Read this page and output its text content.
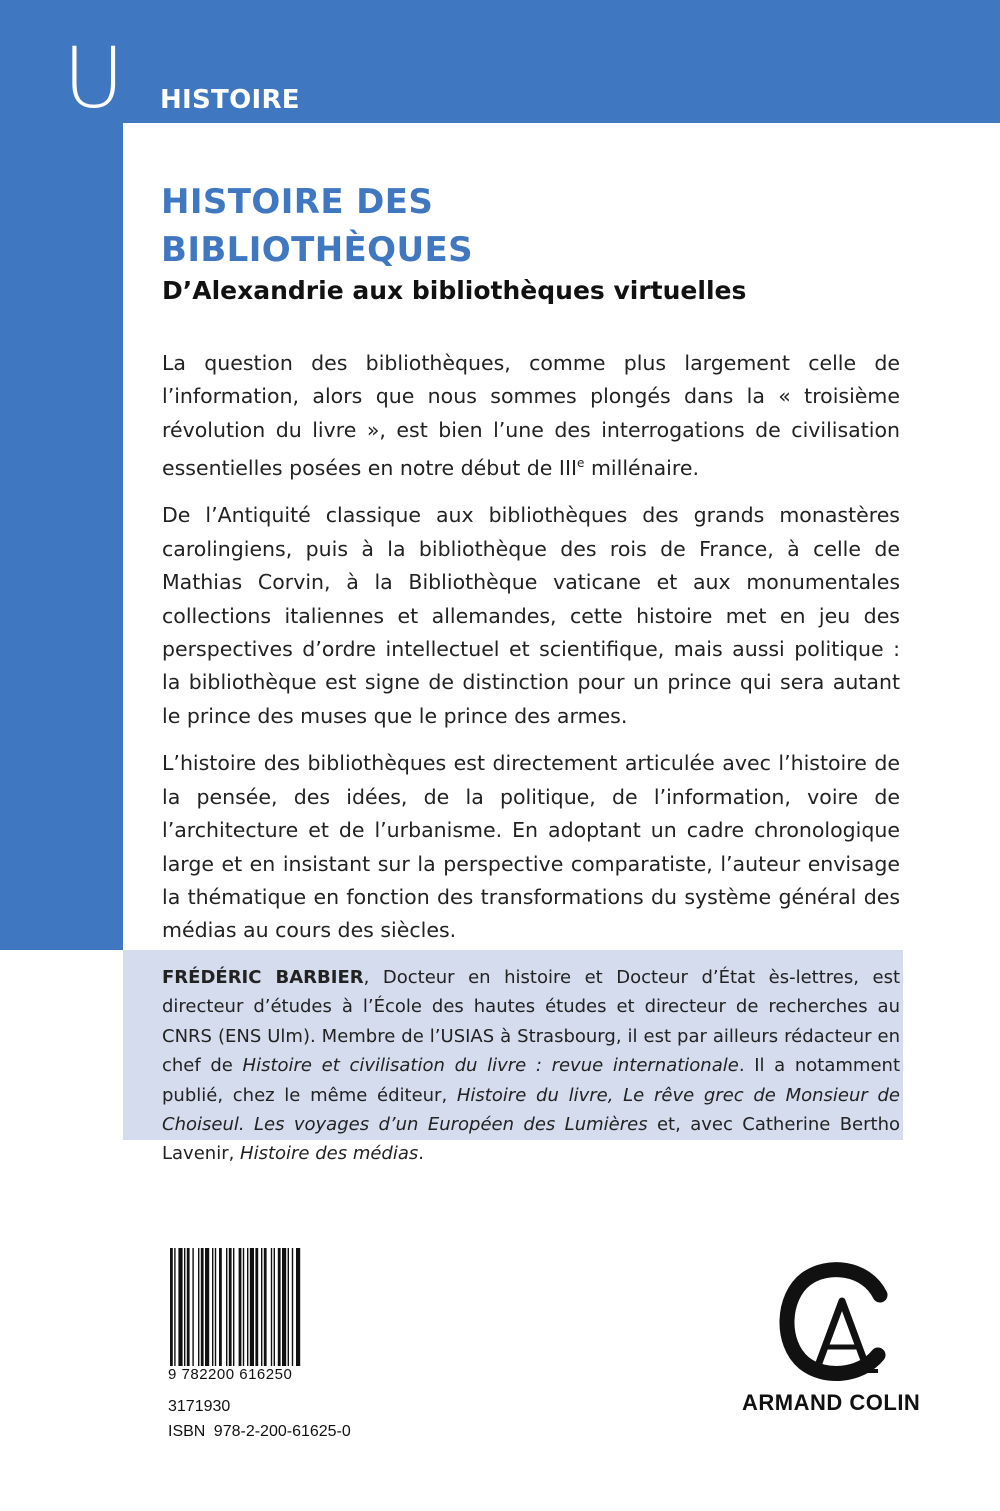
U HISTOIRE
HISTOIRE DES
BIBLIOTHÈQUES
D’Alexandrie aux bibliothèques virtuelles

La question des bibliothèques, comme plus largement celle de l’information, alors que nous sommes plongés dans la « troisième révolution du livre », est bien l’une des interrogations de civilisation essentielles posées en notre début de IIIe millénaire.

De l’Antiquité classique aux bibliothèques des grands monastères carolingiens, puis à la bibliothèque des rois de France, à celle de Mathias Corvin, à la Bibliothèque vaticane et aux monumentales collections italiennes et allemandes, cette histoire met en jeu des perspectives d’ordre intellectuel et scientifique, mais aussi politique : la bibliothèque est signe de distinction pour un prince qui sera autant le prince des muses que le prince des armes.

L’histoire des bibliothèques est directement articulée avec l’histoire de la pensée, des idées, de la politique, de l’information, voire de l’architecture et de l’urbanisme. En adoptant un cadre chronologique large et en insistant sur la perspective comparatiste, l’auteur envisage la thématique en fonction des transformations du système général des médias au cours des siècles.

FRÉDÉRIC BARBIER, Docteur en histoire et Docteur d’État ès-lettres, est directeur d’études à l’École des hautes études et directeur de recherches au CNRS (ENS Ulm). Membre de l’USIAS à Strasbourg, il est par ailleurs rédacteur en chef de Histoire et civilisation du livre : revue internationale. Il a notamment publié, chez le même éditeur, Histoire du livre, Le rêve grec de Monsieur de Choiseul. Les voyages d’un Européen des Lumières et, avec Catherine Bertho Lavenir, Histoire des médias.
9 782200 616250
3171930
ISBN 978-2-200-61625-0
ARMAND COLIN
